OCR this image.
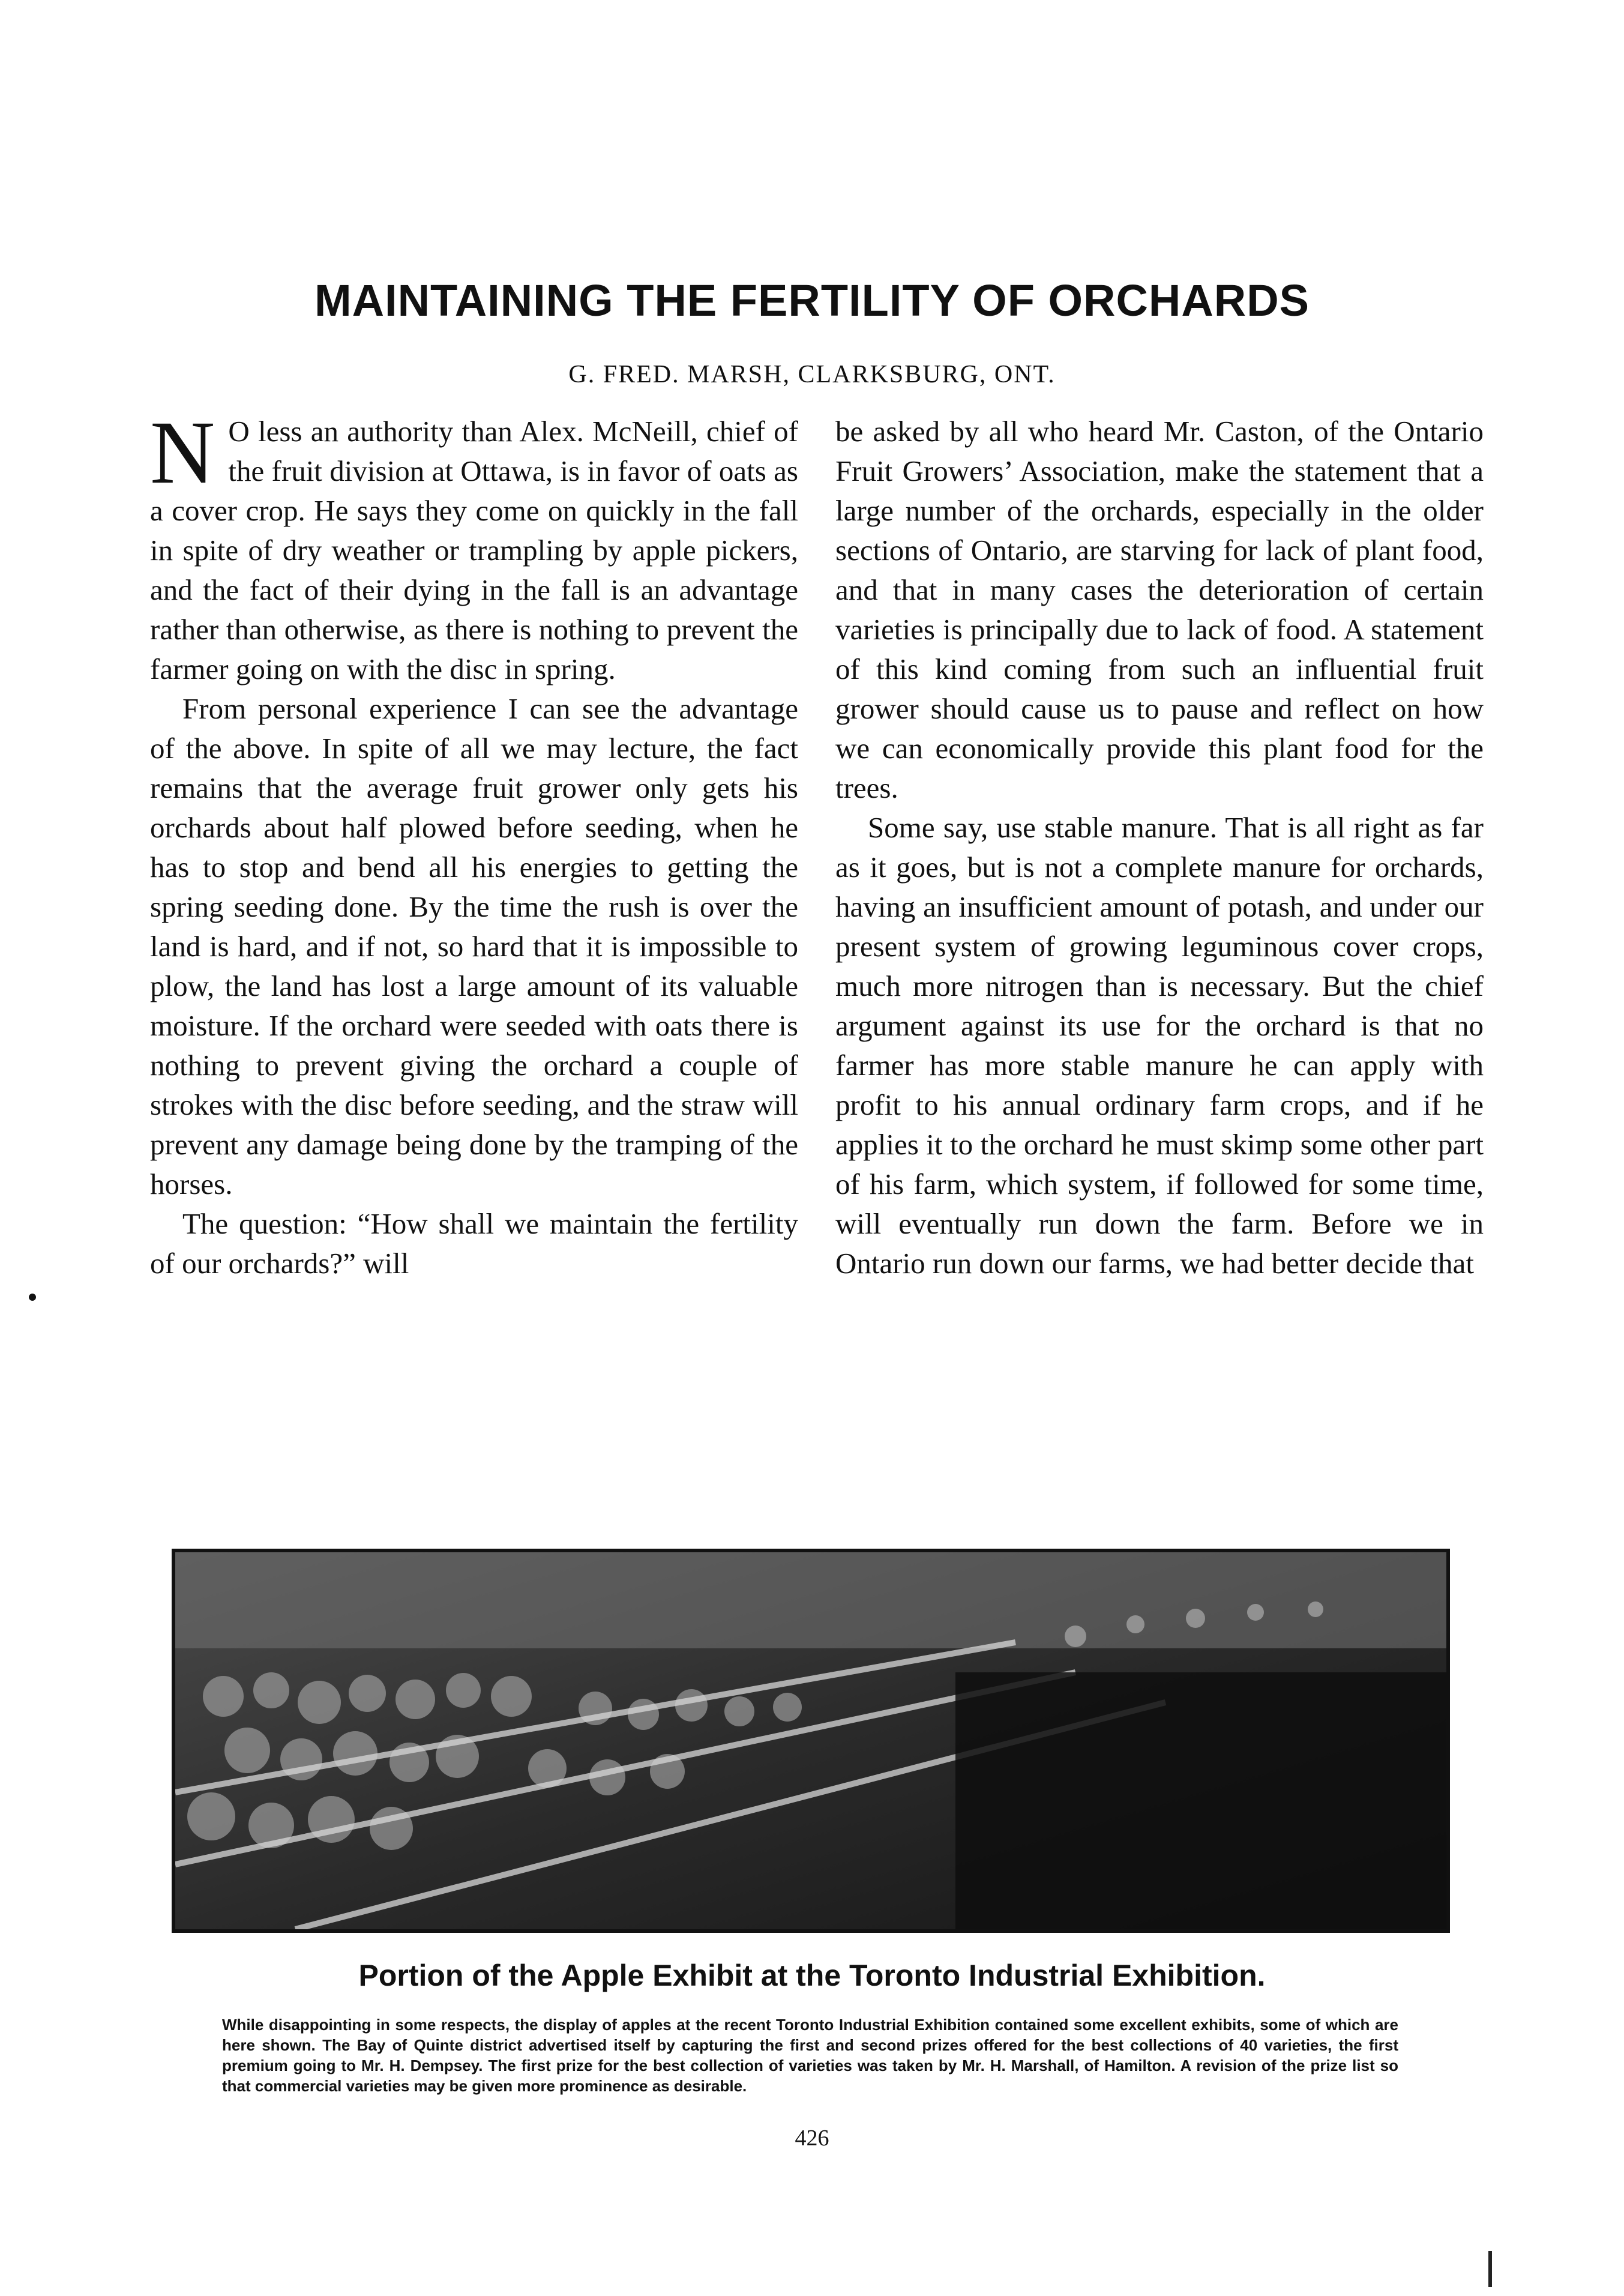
MAINTAINING THE FERTILITY OF ORCHARDS
G. FRED. MARSH, CLARKSBURG, ONT.

N O less an authority than Alex. McNeill, chief of the fruit division at Ottawa, is in favor of oats as a cover crop. He says they come on quickly in the fall in spite of dry weather or trampling by apple pickers, and the fact of their dying in the fall is an advantage rather than otherwise, as there is nothing to prevent the farmer going on with the disc in spring.

From personal experience I can see the advantage of the above. In spite of all we may lecture, the fact remains that the average fruit grower only gets his orchards about half plowed before seeding, when he has to stop and bend all his energies to getting the spring seeding done. By the time the rush is over the land is hard, and if not, so hard that it is impossible to plow, the land has lost a large amount of its valuable moisture. If the orchard were seeded with oats there is nothing to prevent giving the orchard a couple of strokes with the disc before seeding, and the straw will prevent any damage being done by the tramping of the horses.

The question: “How shall we maintain the fertility of our orchards?” will

be asked by all who heard Mr. Caston, of the Ontario Fruit Growers’ Association, make the statement that a large number of the orchards, especially in the older sections of Ontario, are starving for lack of plant food, and that in many cases the deterioration of certain varieties is principally due to lack of food. A statement of this kind coming from such an influential fruit grower should cause us to pause and reflect on how we can economically provide this plant food for the trees.

Some say, use stable manure. That is all right as far as it goes, but is not a complete manure for orchards, having an insufficient amount of potash, and under our present system of growing leguminous cover crops, much more nitrogen than is necessary. But the chief argument against its use for the orchard is that no farmer has more stable manure he can apply with profit to his annual ordinary farm crops, and if he applies it to the orchard he must skimp some other part of his farm, which system, if followed for some time, will eventually run down the farm. Before we in Ontario run down our farms, we had better decide that

Portion of the Apple Exhibit at the Toronto Industrial Exhibition.
While disappointing in some respects, the display of apples at the recent Toronto Industrial Exhibition contained some excellent exhibits, some of which are here shown. The Bay of Quinte district advertised itself by capturing the first and second prizes offered for the best collections of 40 varieties, the first premium going to Mr. H. Dempsey. The first prize for the best collection of varieties was taken by Mr. H. Marshall, of Hamilton. A revision of the prize list so that commercial varieties may be given more prominence as desirable.
426
